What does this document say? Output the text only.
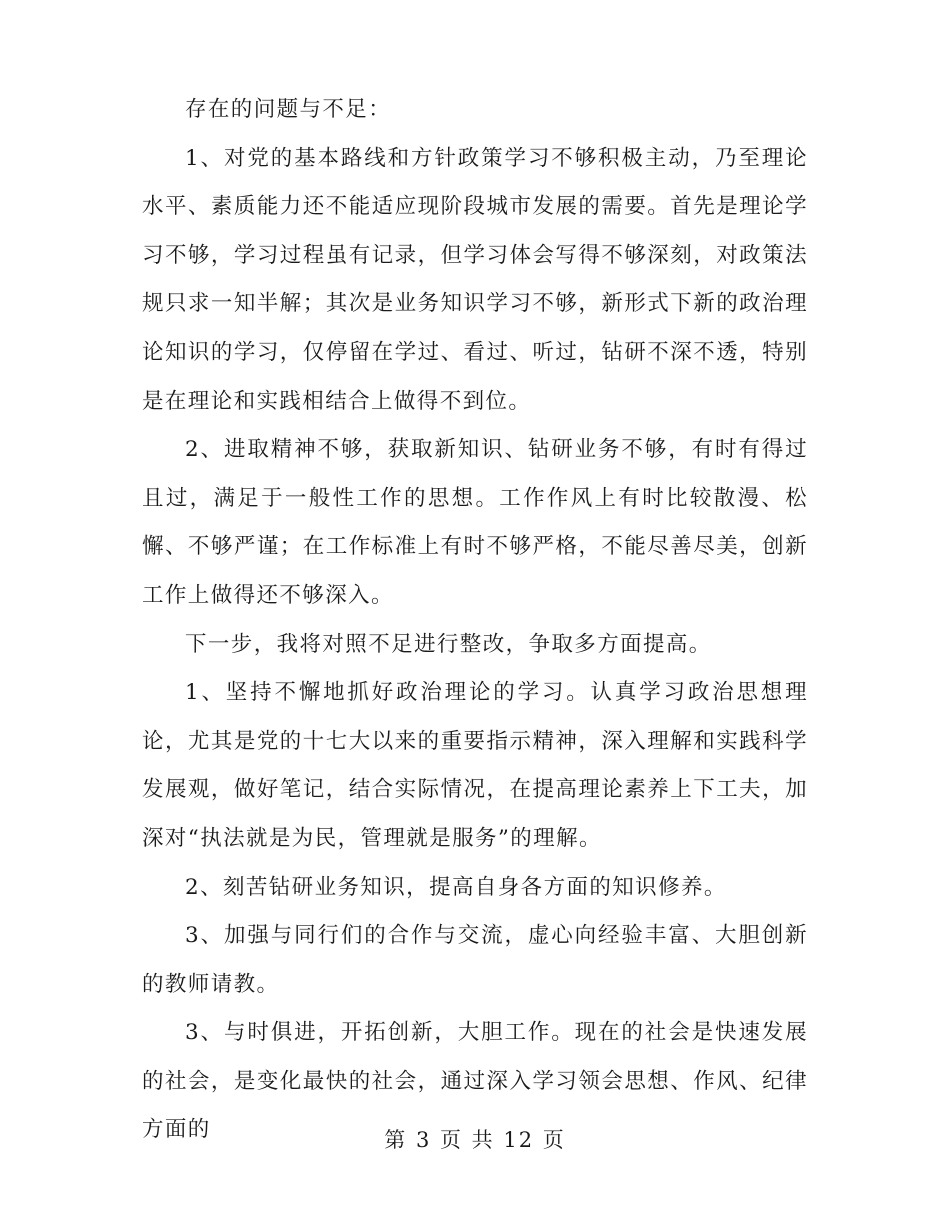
存在的问题与不足：

1、对党的基本路线和方针政策学习不够积极主动，乃至理论水平、素质能力还不能适应现阶段城市发展的需要。首先是理论学习不够，学习过程虽有记录，但学习体会写得不够深刻，对政策法规只求一知半解；其次是业务知识学习不够，新形式下新的政治理论知识的学习，仅停留在学过、看过、听过，钻研不深不透，特别是在理论和实践相结合上做得不到位。

2、进取精神不够，获取新知识、钻研业务不够，有时有得过且过，满足于一般性工作的思想。工作作风上有时比较散漫、松懈、不够严谨；在工作标准上有时不够严格，不能尽善尽美，创新工作上做得还不够深入。

下一步，我将对照不足进行整改，争取多方面提高。

1、坚持不懈地抓好政治理论的学习。认真学习政治思想理论，尤其是党的十七大以来的重要指示精神，深入理解和实践科学发展观，做好笔记，结合实际情况，在提高理论素养上下工夫，加深对“执法就是为民，管理就是服务”的理解。

2、刻苦钻研业务知识，提高自身各方面的知识修养。

3、加强与同行们的合作与交流，虚心向经验丰富、大胆创新的教师请教。

3、与时俱进，开拓创新，大胆工作。现在的社会是快速发展的社会，是变化最快的社会，通过深入学习领会思想、作风、纪律方面的	第 3 页 共 12 页
